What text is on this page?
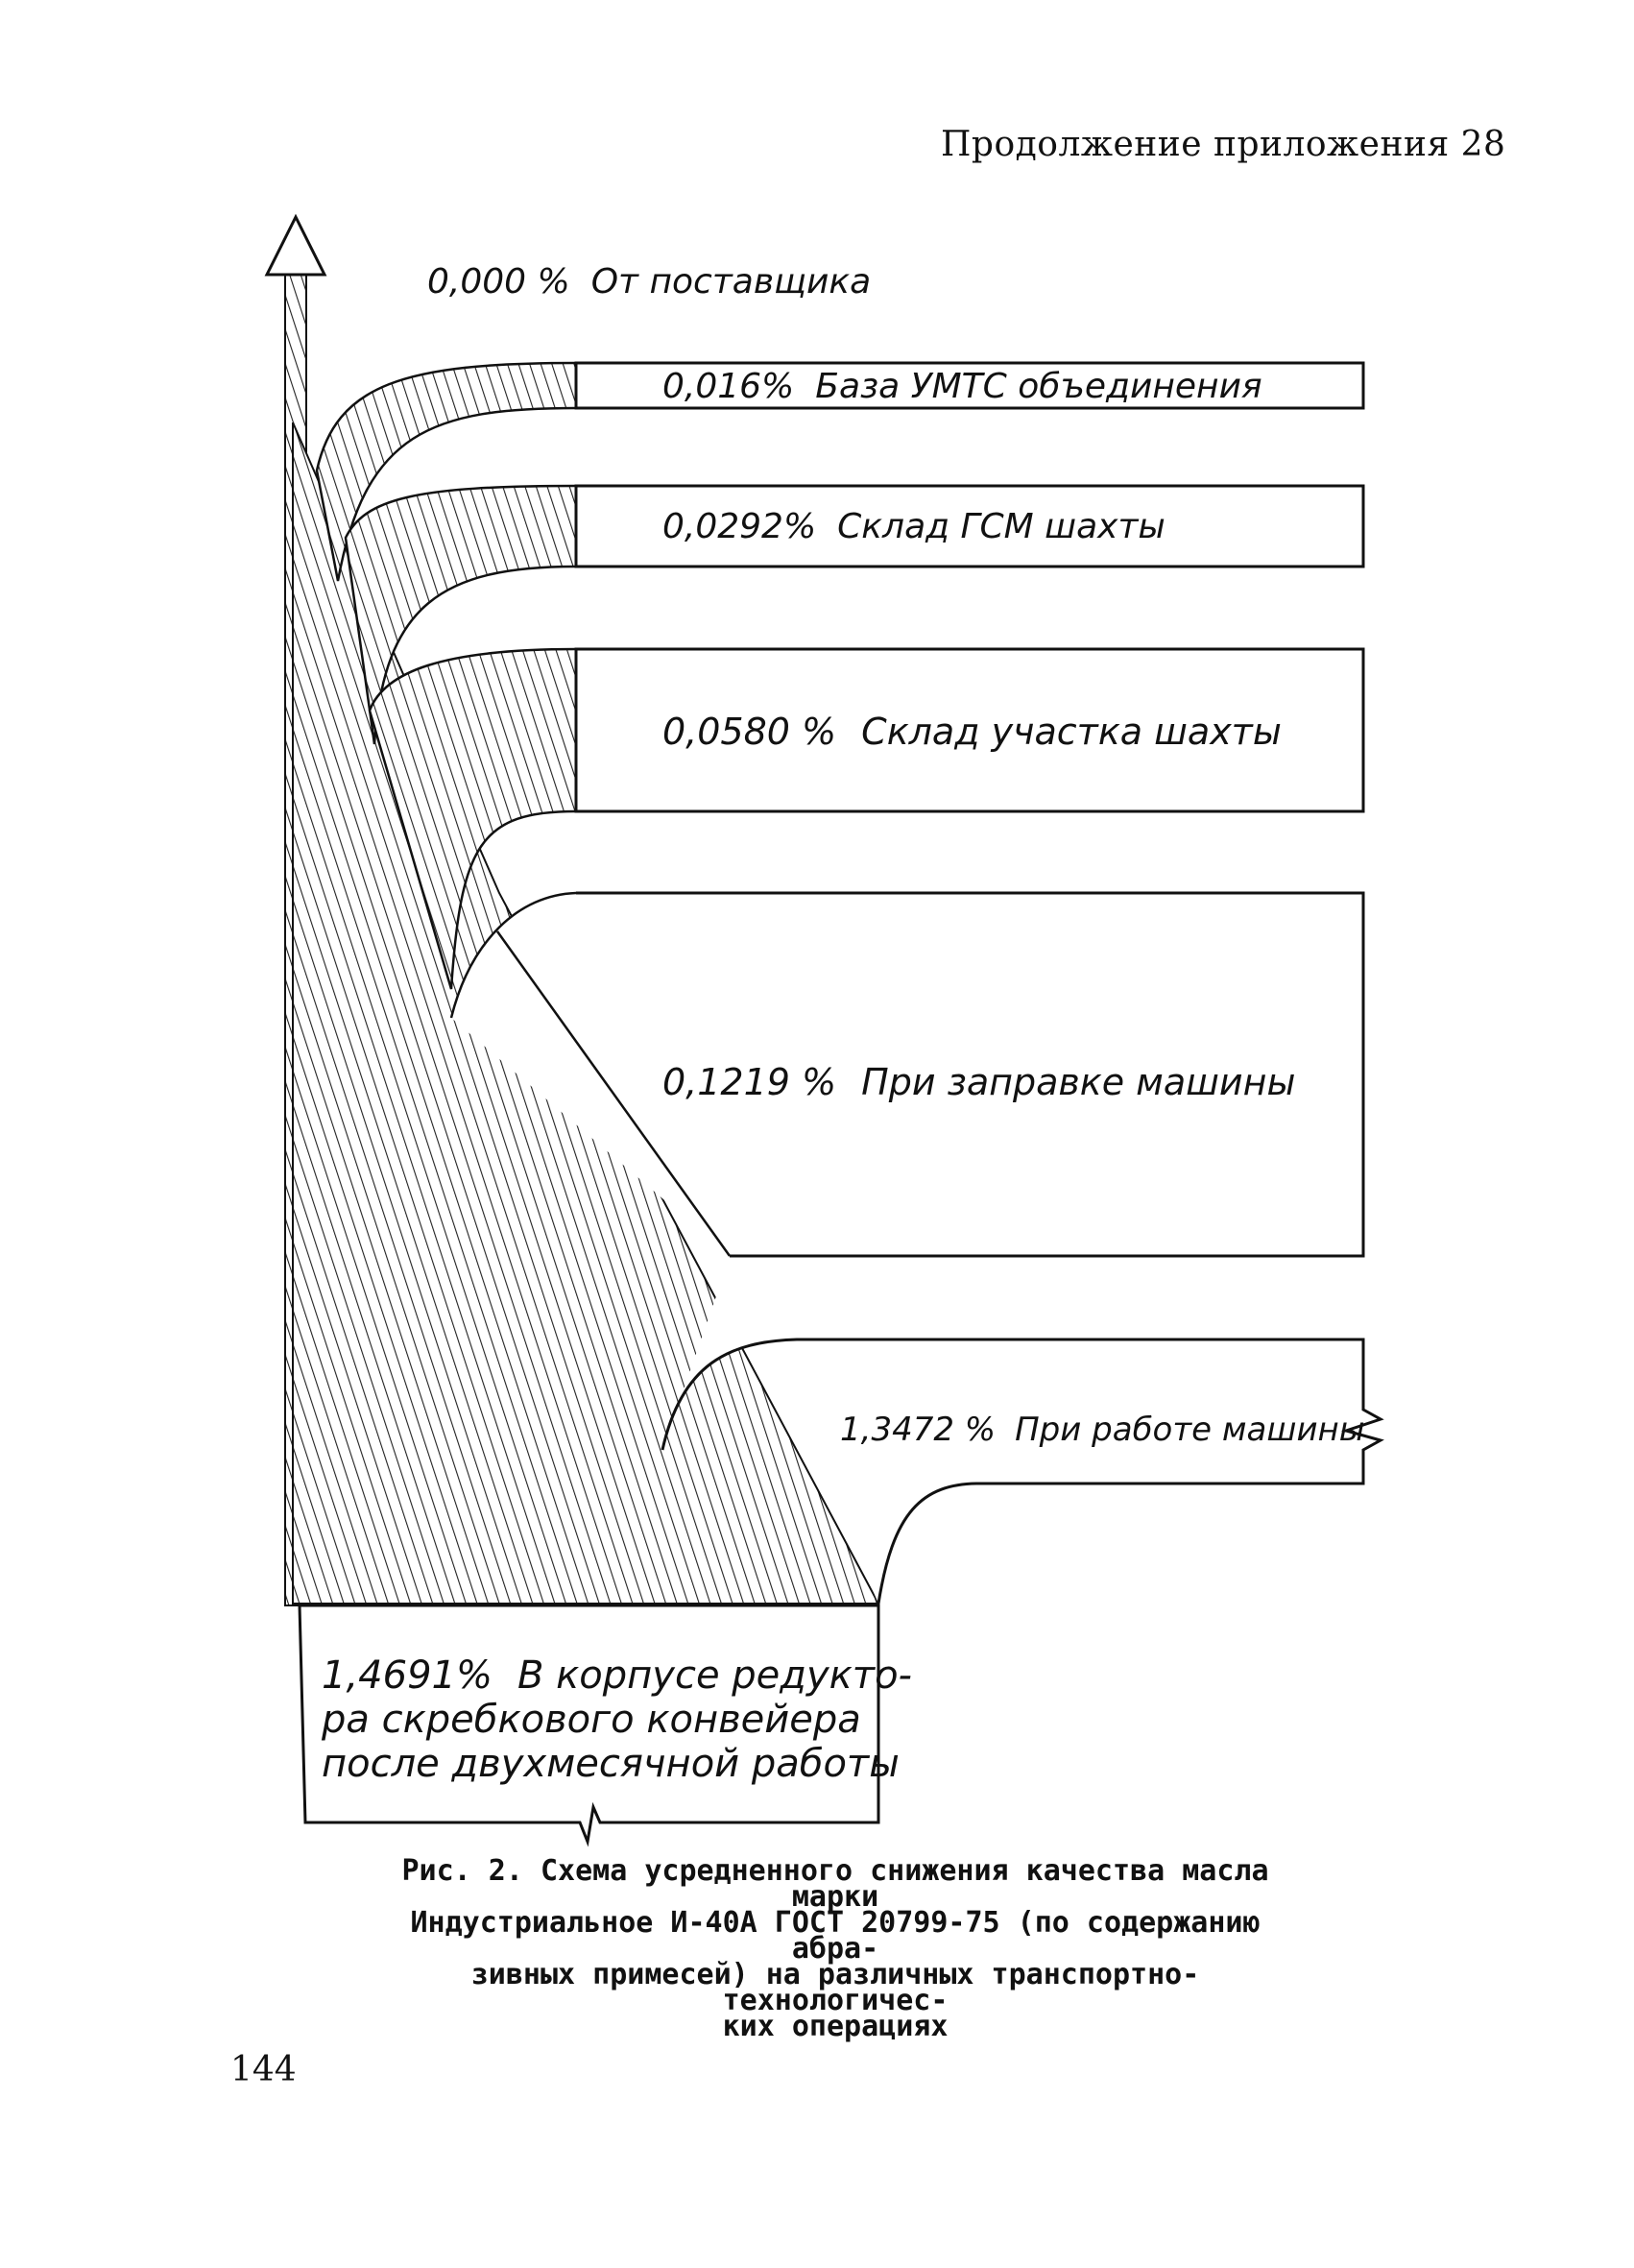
Продолжение приложения 28
0,016% База УМТС объединения
0,0292% Склад ГСМ шахты
0,0580 % Склад участка шахты
0,1219 % При заправке машины
1,3472 % При работе машины
1,4691% В корпусе редукто-
ра скребкового конвейера
после двухмесячной работы
0,000 % От поставщика
Рис. 2. Схема усредненного снижения качества масла марки
Индустриальное И-40А ГОСТ 20799-75 (по содержанию абра-
зивных примесей) на различных транспортно-технологичес-
ких операциях
144
